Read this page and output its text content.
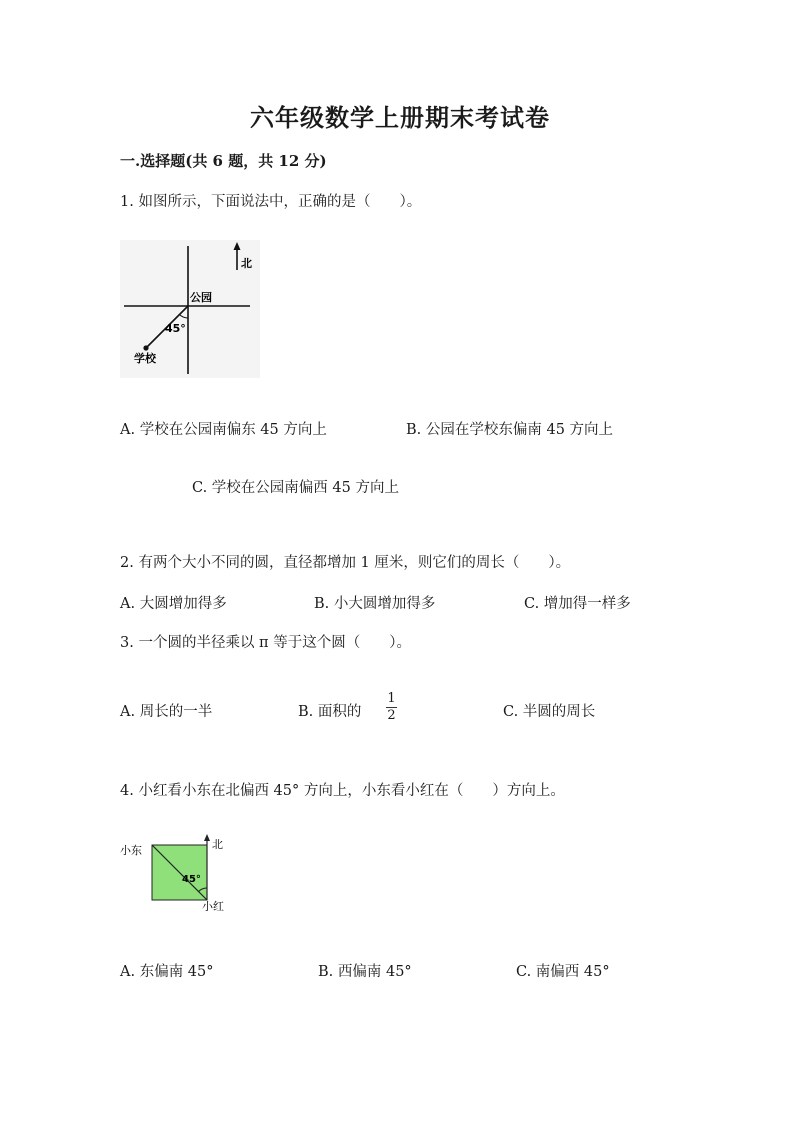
六年级数学上册期末考试卷
一.选择题(共 6 题，共 12 分)
1. 如图所示，下面说法中，正确的是（　　）。
北
公园
45°
学校
A. 学校在公园南偏东 45 方向上	B. 公园在学校东偏南 45 方向上
C. 学校在公园南偏西 45 方向上
2. 有两个大小不同的圆，直径都增加 1 厘米，则它们的周长（　　）。
A. 大圆增加得多	B. 小大圆增加得多	C. 增加得一样多
3. 一个圆的半径乘以 π 等于这个圆（　　）。
A. 周长的一半	B. 面积的
1
2	C. 半圆的周长
4. 小红看小东在北偏西 45° 方向上，小东看小红在（　　）方向上。
北
小东
45°
小红
A. 东偏南 45°	B. 西偏南 45°	C. 南偏西 45°
